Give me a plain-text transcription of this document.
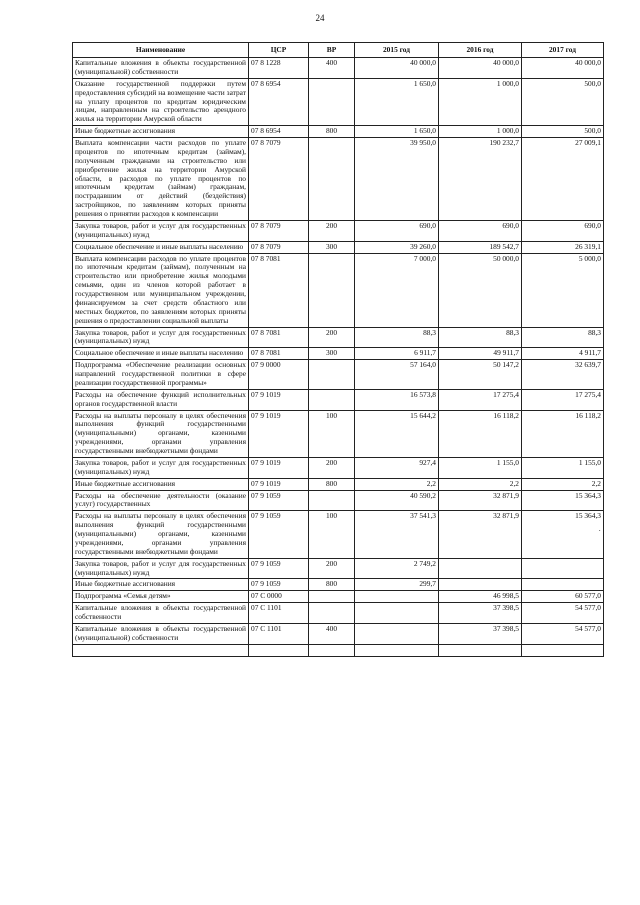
24
Наименование	ЦСР	ВР	2015 год	2016 год	2017 год
Капитальные вложения в объекты государственной (муниципальной) собственности	07 8 1228	400	40 000,0	40 000,0	40 000,0
Оказание государственной поддержки путем предоставления субсидий на возмещение части затрат на уплату процентов по кредитам юридическим лицам, направленным на строительство арендного жилья на территории Амурской области	07 8 6954		1 650,0	1 000,0	500,0
Иные бюджетные ассигнования	07 8 6954	800	1 650,0	1 000,0	500,0
Выплата компенсации части расходов по уплате процентов по ипотечным кредитам (займам), полученным гражданами на строительство или приобретение жилья на территории Амурской области, в расходов по уплате процентов по ипотечным кредитам (займам) гражданам, пострадавшим от действий (бездействия) застройщиков, по заявлениям которых приняты решения о принятии расходов к компенсации	07 8 7079		39 950,0	190 232,7	27 009,1
Закупка товаров, работ и услуг для государственных (муниципальных) нужд	07 8 7079	200	690,0	690,0	690,0
Социальное обеспечение и иные выплаты населению	07 8 7079	300	39 260,0	189 542,7	26 319,1
Выплата компенсации расходов по уплате процентов по ипотечным кредитам (займам), полученным на строительство или приобретение жилья молодыми семьями, один из членов которой работает в государственном или муниципальном учреждении, финансируемом за счет средств областного или местных бюджетов, по заявлениям которых приняты решения о предоставлении социальной выплаты	07 8 7081		7 000,0	50 000,0	5 000,0
Закупка товаров, работ и услуг для государственных (муниципальных) нужд	07 8 7081	200	88,3	88,3	88,3
Социальное обеспечение и иные выплаты населению	07 8 7081	300	6 911,7	49 911,7	4 911,7
Подпрограмма «Обеспечение реализации основных направлений государственной политики в сфере реализации государственной программы»	07 9 0000		57 164,0	50 147,2	32 639,7
Расходы на обеспечение функций исполнительных органов государственной власти	07 9 1019		16 573,8	17 275,4	17 275,4
Расходы на выплаты персоналу в целях обеспечения выполнения функций государственными (муниципальными) органами, казенными учреждениями, органами управления государственными внебюджетными фондами	07 9 1019	100	15 644,2	16 118,2	16 118,2
Закупка товаров, работ и услуг для государственных (муниципальных) нужд	07 9 1019	200	927,4	1 155,0	1 155,0
Иные бюджетные ассигнования	07 9 1019	800	2,2	2,2	2,2
Расходы на обеспечение деятельности (оказание услуг) государственных	07 9 1059		40 590,2	32 871,9	15 364,3
Расходы на выплаты персоналу в целях обеспечения выполнения функций государственными (муниципальными) органами, казенными учреждениями, органами управления государственными внебюджетными фондами	07 9 1059	100	37 541,3	32 871,9	15 364,3
·

Закупка товаров, работ и услуг для государственных (муниципальных) нужд	07 9 1059	200	2 749,2		
Иные бюджетные ассигнования	07 9 1059	800	299,7		
Подпрограмма «Семья детям»	07 С 0000			46 998,5	60 577,0
Капитальные вложения в объекты государственной собственности	07 С 1101			37 398,5	54 577,0
Капитальные вложения в объекты государственной (муниципальной) собственности	07 С 1101	400		37 398,5	54 577,0
